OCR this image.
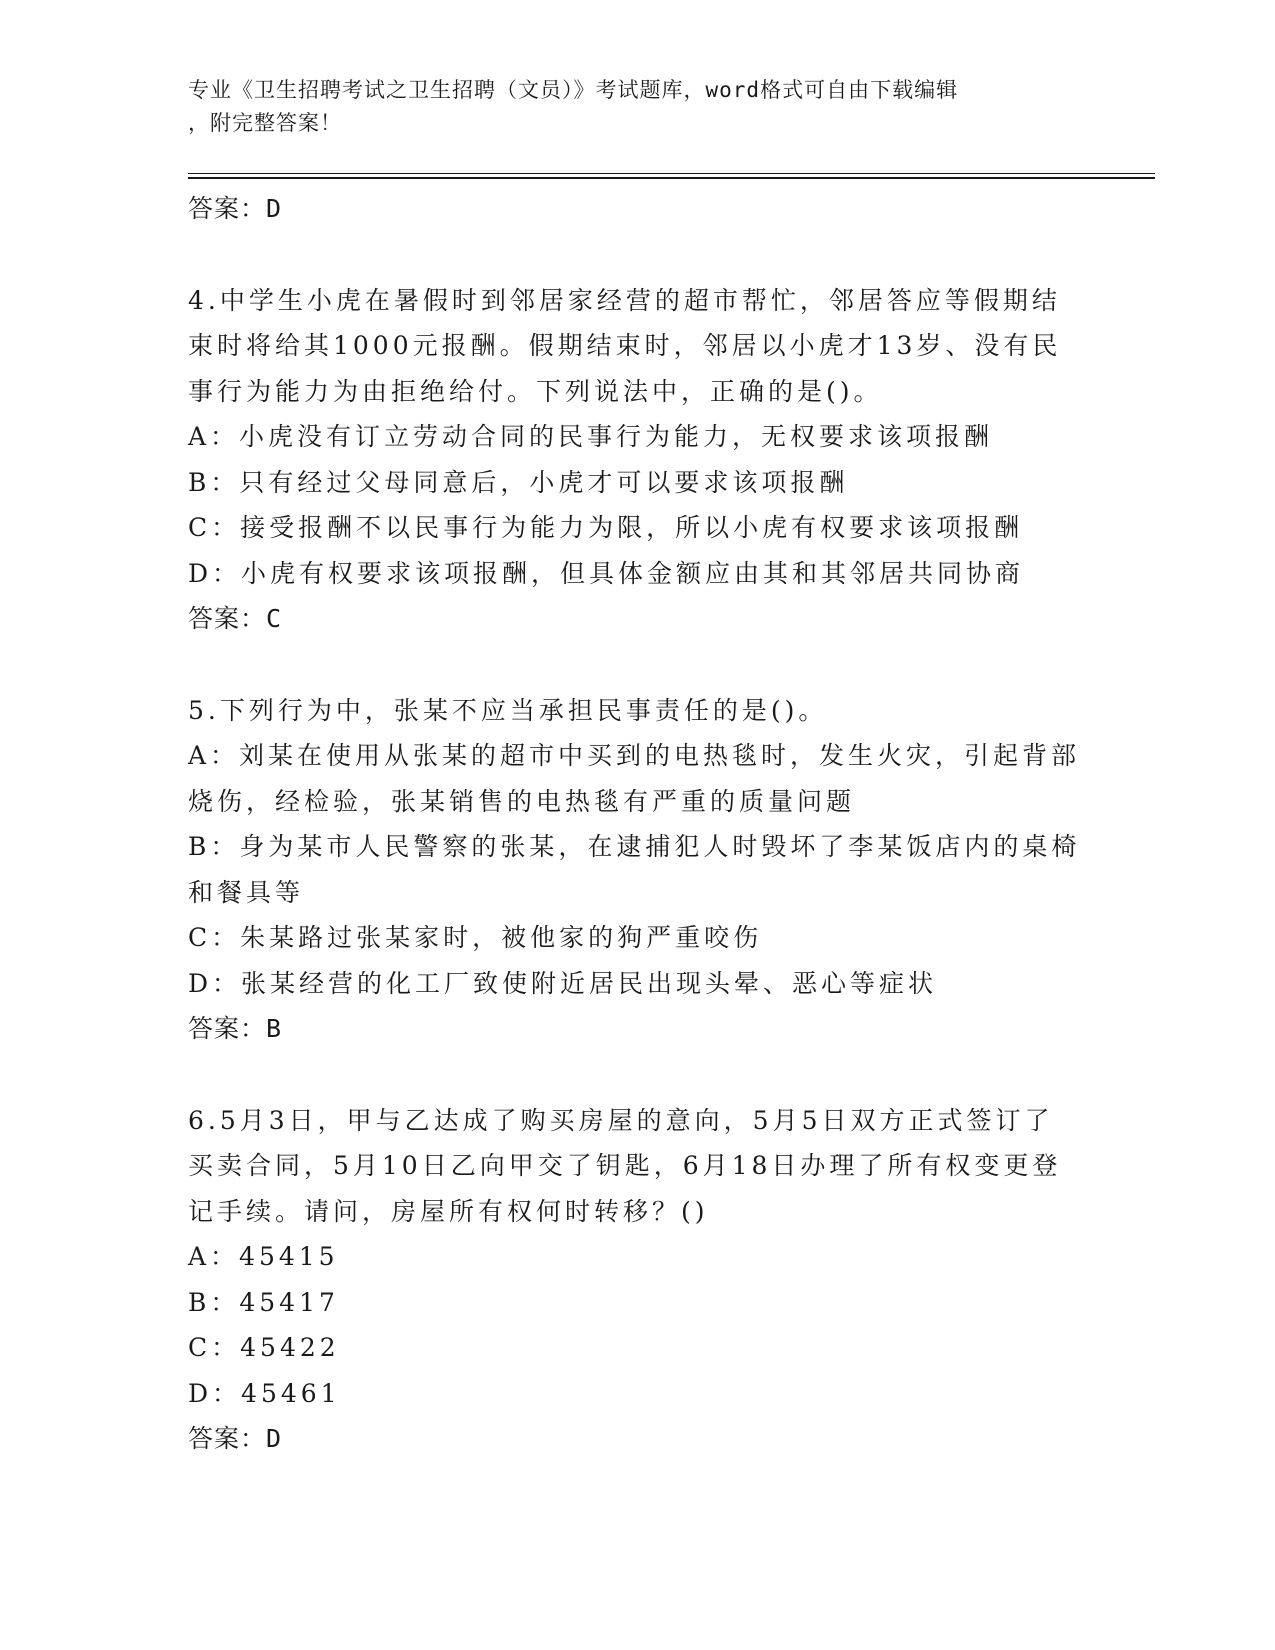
专业《卫生招聘考试之卫生招聘（文员）》考试题库，word格式可自由下载编辑
，附完整答案！
答案：D
4.中学生小虎在暑假时到邻居家经营的超市帮忙，邻居答应等假期结
束时将给其1000元报酬。假期结束时，邻居以小虎才13岁、没有民
事行为能力为由拒绝给付。下列说法中，正确的是()。
A：小虎没有订立劳动合同的民事行为能力，无权要求该项报酬
B：只有经过父母同意后，小虎才可以要求该项报酬
C：接受报酬不以民事行为能力为限，所以小虎有权要求该项报酬
D：小虎有权要求该项报酬，但具体金额应由其和其邻居共同协商
答案：C
5.下列行为中，张某不应当承担民事责任的是()。
A：刘某在使用从张某的超市中买到的电热毯时，发生火灾，引起背部
烧伤，经检验，张某销售的电热毯有严重的质量问题
B：身为某市人民警察的张某，在逮捕犯人时毁坏了李某饭店内的桌椅
和餐具等
C：朱某路过张某家时，被他家的狗严重咬伤
D：张某经营的化工厂致使附近居民出现头晕、恶心等症状
答案：B
6.5月3日，甲与乙达成了购买房屋的意向，5月5日双方正式签订了
买卖合同，5月10日乙向甲交了钥匙，6月18日办理了所有权变更登
记手续。请问，房屋所有权何时转移？()
A：45415
B：45417
C：45422
D：45461
答案：D
